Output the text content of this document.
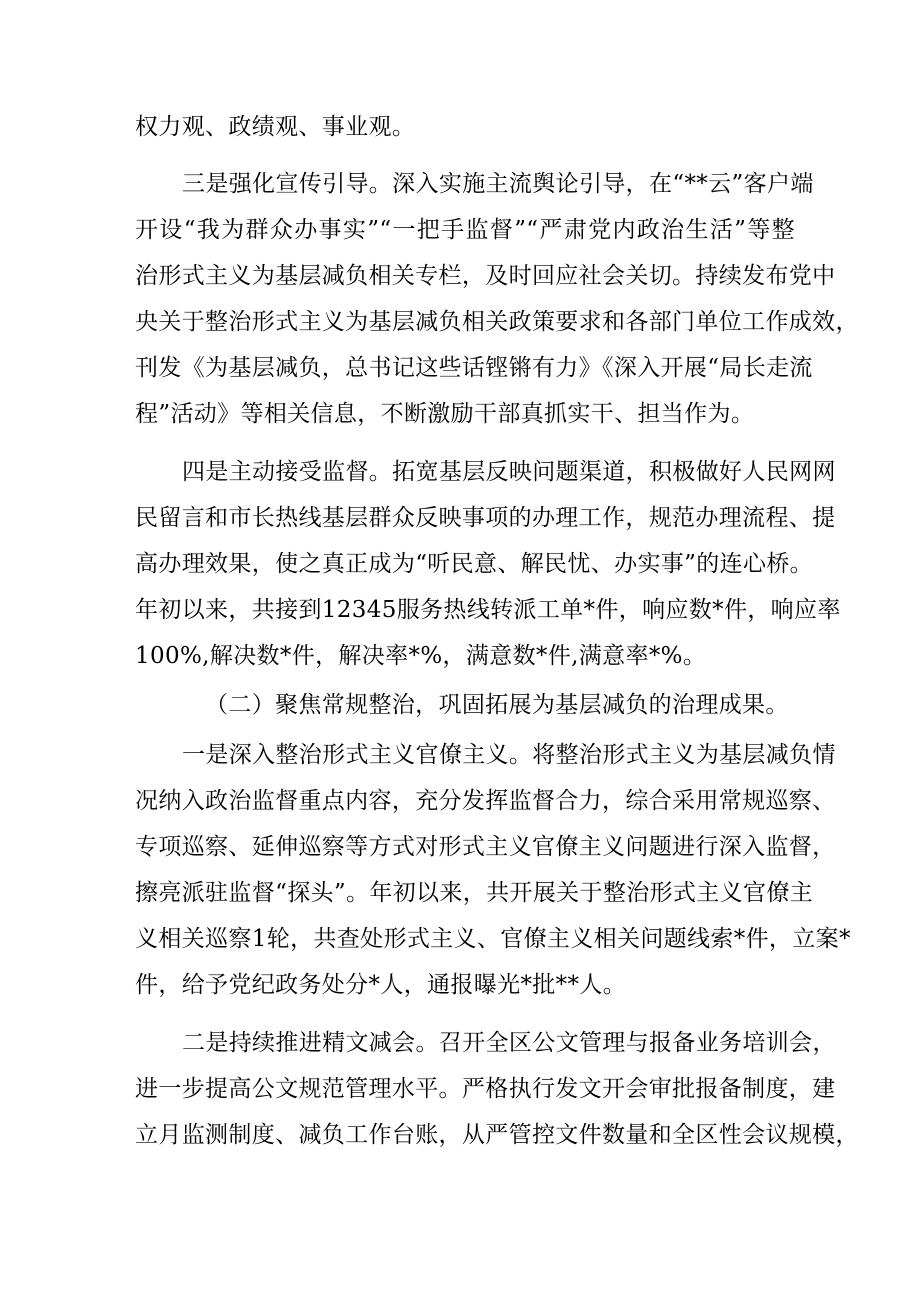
权力观、政绩观、事业观。
三是强化宣传引导。深入实施主流舆论引导，在“**云”客户端
开设“我为群众办事实”“一把手监督”“严肃党内政治生活”等整
治形式主义为基层减负相关专栏，及时回应社会关切。持续发布党中
央关于整治形式主义为基层减负相关政策要求和各部门单位工作成效，
刊发《为基层减负，总书记这些话铿锵有力》《深入开展“局长走流
程”活动》等相关信息，不断激励干部真抓实干、担当作为。
四是主动接受监督。拓宽基层反映问题渠道，积极做好人民网网
民留言和市长热线基层群众反映事项的办理工作，规范办理流程、提
高办理效果，使之真正成为“听民意、解民忧、办实事”的连心桥。
年初以来，共接到12345服务热线转派工单*件，响应数*件，响应率
100%,解决数*件，解决率*%，满意数*件,满意率*%。
（二）聚焦常规整治，巩固拓展为基层减负的治理成果。
一是深入整治形式主义官僚主义。将整治形式主义为基层减负情
况纳入政治监督重点内容，充分发挥监督合力，综合采用常规巡察、
专项巡察、延伸巡察等方式对形式主义官僚主义问题进行深入监督，
擦亮派驻监督“探头”。年初以来，共开展关于整治形式主义官僚主
义相关巡察1轮，共查处形式主义、官僚主义相关问题线索*件，立案*
件，给予党纪政务处分*人，通报曝光*批**人。
二是持续推进精文减会。召开全区公文管理与报备业务培训会，
进一步提高公文规范管理水平。严格执行发文开会审批报备制度，建
立月监测制度、减负工作台账，从严管控文件数量和全区性会议规模，
